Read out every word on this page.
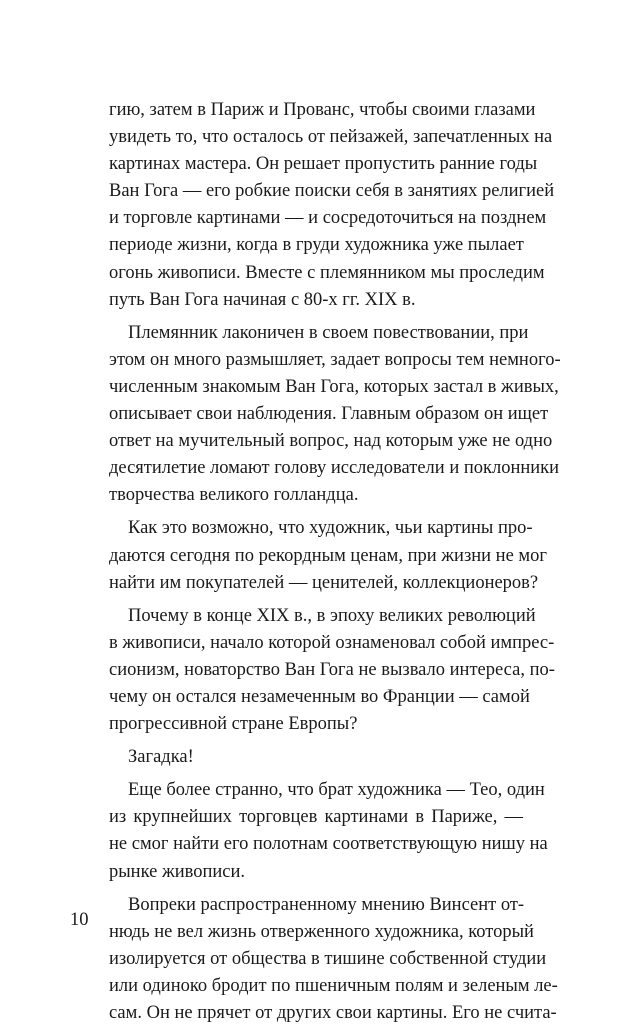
гию, затем в Париж и Прованс, чтобы своими глазами
увидеть то, что осталось от пейзажей, запечатленных на
картинах мастера. Он решает пропустить ранние годы
Ван Гога — его робкие поиски себя в занятиях религией
и торговле картинами — и сосредоточиться на позднем
периоде жизни, когда в груди художника уже пылает
огонь живописи. Вместе с племянником мы проследим
путь Ван Гога начиная с 80-х гг. XIX в.
Племянник лаконичен в своем повествовании, при
этом он много размышляет, задает вопросы тем немного-
численным знакомым Ван Гога, которых застал в живых,
описывает свои наблюдения. Главным образом он ищет
ответ на мучительный вопрос, над которым уже не одно
десятилетие ломают голову исследователи и поклонники
творчества великого голландца.
Как это возможно, что художник, чьи картины про-
даются сегодня по рекордным ценам, при жизни не мог
найти им покупателей — ценителей, коллекционеров?
Почему в конце XIX в., в эпоху великих революций
в живописи, начало которой ознаменовал собой импрес-
сионизм, новаторство Ван Гога не вызвало интереса, по-
чему он остался незамеченным во Франции — самой
прогрессивной стране Европы?
Загадка!
Еще более странно, что брат художника — Тео, один
из крупнейших торговцев картинами в Париже, —
не смог найти его полотнам соответствующую нишу на
рынке живописи.
Вопреки распространенному мнению Винсент от-
нюдь не вел жизнь отверженного художника, который
изолируется от общества в тишине собственной студии
или одиноко бродит по пшеничным полям и зеленым ле-
сам. Он не прячет от других свои картины. Его не счита-
10
